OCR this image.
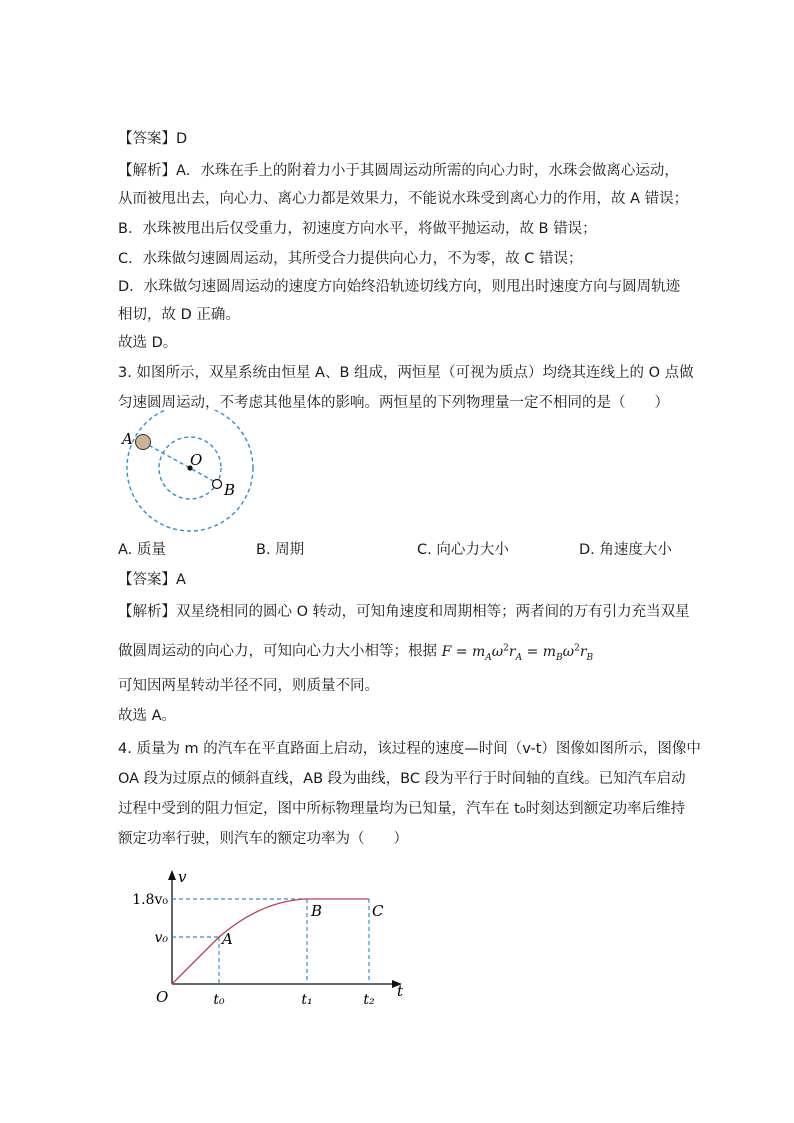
【答案】D
【解析】A．水珠在手上的附着力小于其圆周运动所需的向心力时，水珠会做离心运动，
从而被甩出去，向心力、离心力都是效果力，不能说水珠受到离心力的作用，故 A 错误；
B．水珠被甩出后仅受重力，初速度方向水平，将做平抛运动，故 B 错误；
C．水珠做匀速圆周运动，其所受合力提供向心力，不为零，故 C 错误；
D．水珠做匀速圆周运动的速度方向始终沿轨迹切线方向，则甩出时速度方向与圆周轨迹
相切，故 D 正确。
故选 D。
3. 如图所示，双星系统由恒星 A、B 组成，两恒星（可视为质点）均绕其连线上的 O 点做
匀速圆周运动，不考虑其他星体的影响。两恒星的下列物理量一定不相同的是（　　）
A
O
B
A. 质量	B. 周期	C. 向心力大小	D. 角速度大小
【答案】A
【解析】双星绕相同的圆心 O 转动，可知角速度和周期相等；两者间的万有引力充当双星
做圆周运动的向心力，可知向心力大小相等；根据 $F = m_A\omega^2r_A = m_B\omega^2r_B$
可知因两星转动半径不同，则质量不同。
故选 A。
4. 质量为 m 的汽车在平直路面上启动，该过程的速度—时间（v-t）图像如图所示，图像中
OA 段为过原点的倾斜直线，AB 段为曲线，BC 段为平行于时间轴的直线。已知汽车启动
过程中受到的阻力恒定，图中所标物理量均为已知量，汽车在 t₀时刻达到额定功率后维持
额定功率行驶，则汽车的额定功率为（　　）
v
t
O
1.8v₀
v₀
t₀	t₁	t₂
A
B	C
